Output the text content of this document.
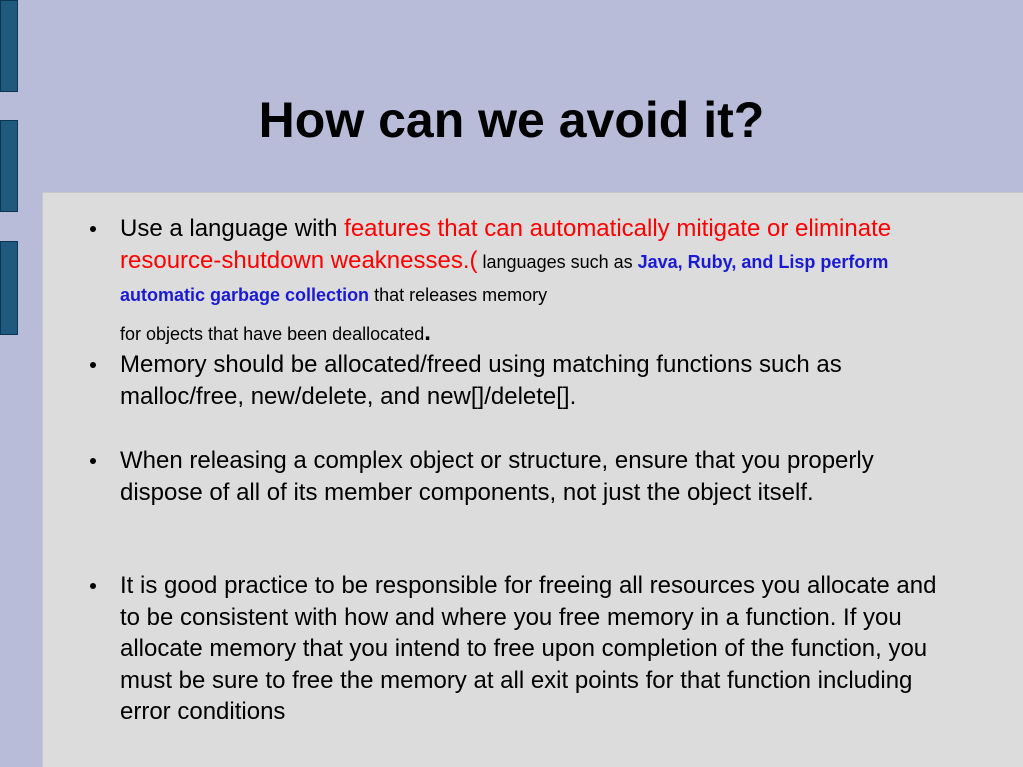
How can we avoid it?
Use a language with features that can automatically mitigate or eliminate resource-shutdown weaknesses.( languages such as Java, Ruby, and Lisp perform automatic garbage collection that releases memory
for objects that have been deallocated.
Memory should be allocated/freed using matching functions such as malloc/free, new/delete, and new[]/delete[].
When releasing a complex object or structure, ensure that you properly dispose of all of its member components, not just the object itself.
It is good practice to be responsible for freeing all resources you allocate and to be consistent with how and where you free memory in a function. If you allocate memory that you intend to free upon completion of the function, you must be sure to free the memory at all exit points for that function including error conditions
